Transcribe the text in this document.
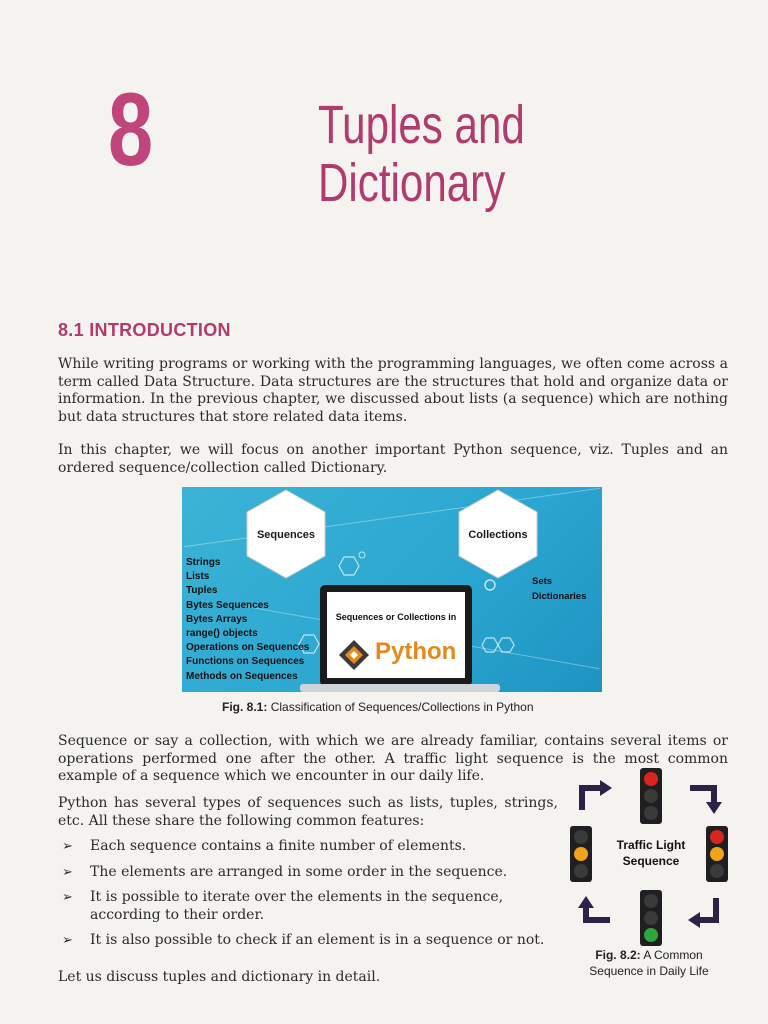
8	Tuples and
Dictionary
8.1 INTRODUCTION

While writing programs or working with the programming languages, we often come across a term called Data Structure. Data structures are the structures that hold and organize data or information. In the previous chapter, we discussed about lists (a sequence) which are nothing but data structures that store related data items.

In this chapter, we will focus on another important Python sequence, viz. Tuples and an ordered sequence/collection called Dictionary.

Sequences	Collections
Strings
Lists
Tuples
Bytes Sequences
Bytes Arrays
range() objects
Operations on Sequences
Functions on Sequences
Methods on Sequences
Sets
Dictionaries
Sequences or Collections in
Python
Fig. 8.1: Classification of Sequences/Collections in Python

Sequence or say a collection, with which we are already familiar, contains several items or operations performed one after the other. A traffic light sequence is the most common example of a sequence which we encounter in our daily life.

Python has several types of sequences such as lists, tuples, strings, etc. All these share the following common features:

➢ Each sequence contains a finite number of elements.
➢ The elements are arranged in some order in the sequence.
➢ It is possible to iterate over the elements in the sequence, according to their order.
➢ It is also possible to check if an element is in a sequence or not.

Let us discuss tuples and dictionary in detail.

Traffic Light
Sequence
Fig. 8.2: A Common
Sequence in Daily Life
